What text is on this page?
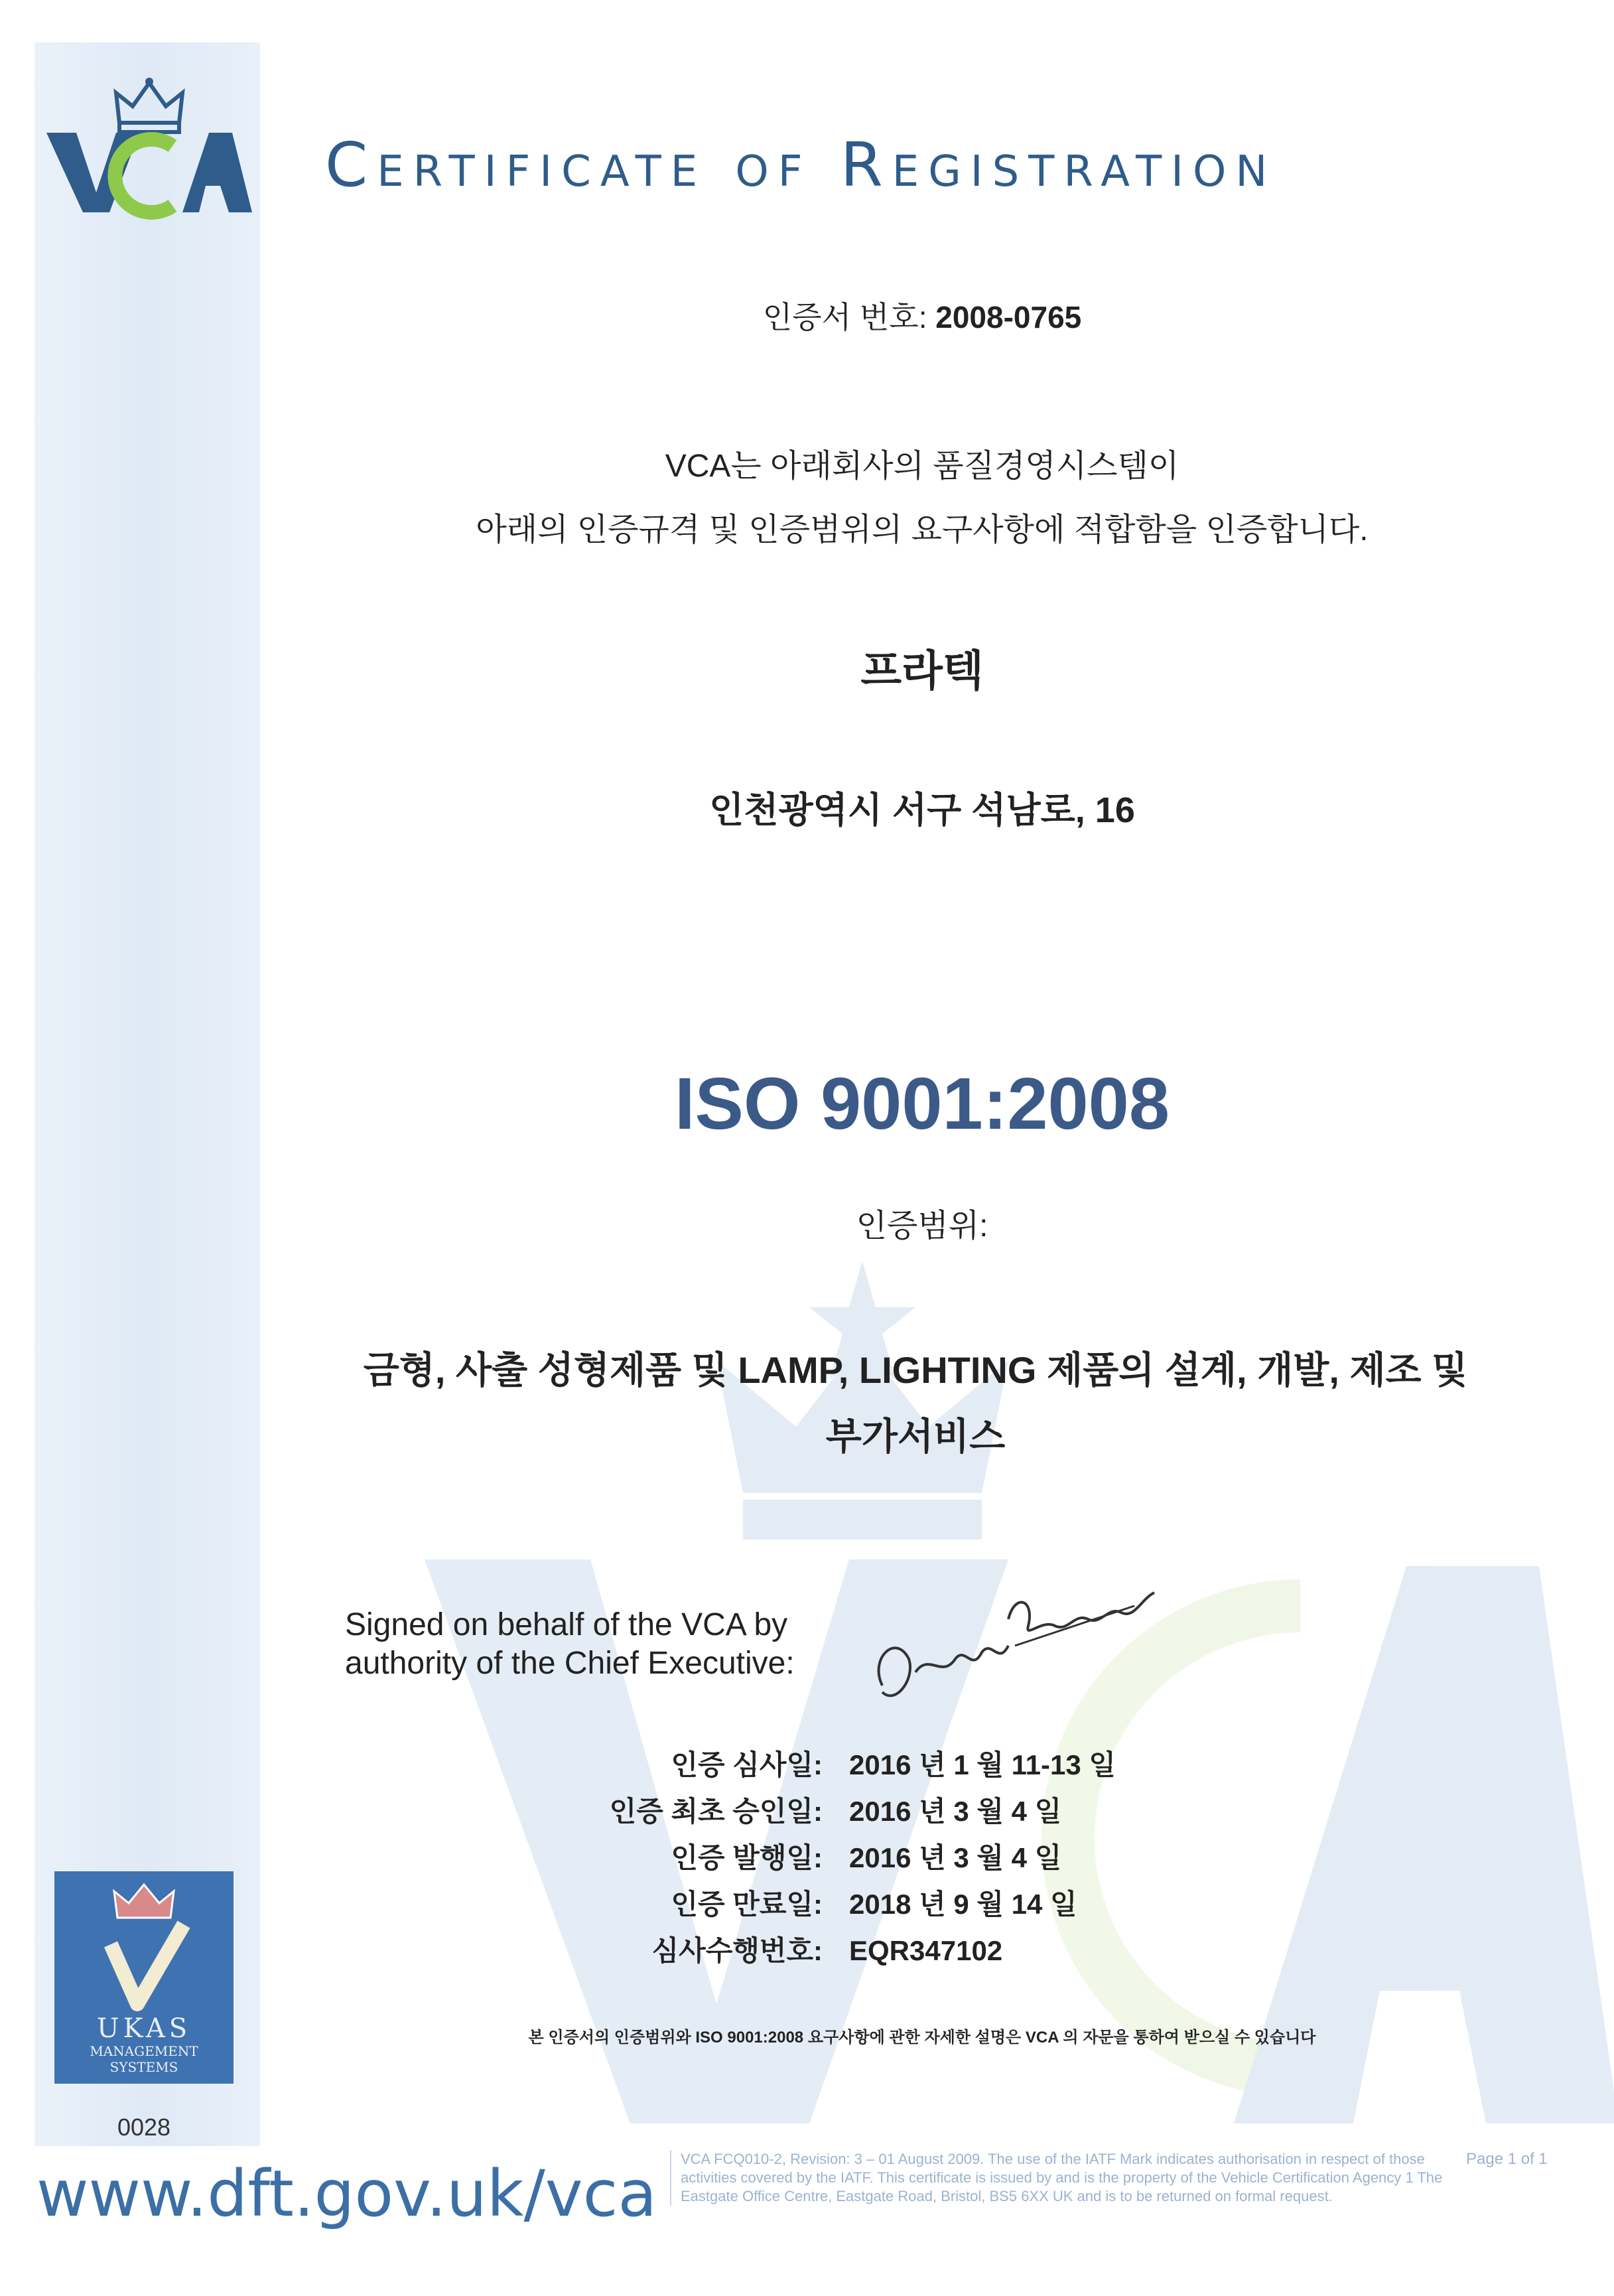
Certificate of Registration
인증서 번호: 2008-0765
VCA는 아래회사의 품질경영시스템이
아래의 인증규격 및 인증범위의 요구사항에 적합함을 인증합니다.
프라텍
인천광역시 서구 석남로, 16
ISO 9001:2008
인증범위:
금형, 사출 성형제품 및 LAMP, LIGHTING 제품의 설계, 개발, 제조 및
부가서비스
Signed on behalf of the VCA by
authority of the Chief Executive:
인증 심사일: 2016 년 1 월 11-13 일
인증 최초 승인일: 2016 년 3 월 4 일
인증 발행일: 2016 년 3 월 4 일
인증 만료일: 2018 년 9 월 14 일
심사수행번호: EQR347102
본 인증서의 인증범위와 ISO 9001:2008 요구사항에 관한 자세한 설명은 VCA 의 자문을 통하여 받으실 수 있습니다
UKAS
MANAGEMENT
SYSTEMS
0028
www.dft.gov.uk/vca	VCA FCQ010-2, Revision: 3 – 01 August 2009. The use of the IATF Mark indicates authorisation in respect of those activities covered by the IATF. This certificate is issued by and is the property of the Vehicle Certification Agency 1 The Eastgate Office Centre, Eastgate Road, Bristol, BS5 6XX UK and is to be returned on formal request.
Page 1 of 1
